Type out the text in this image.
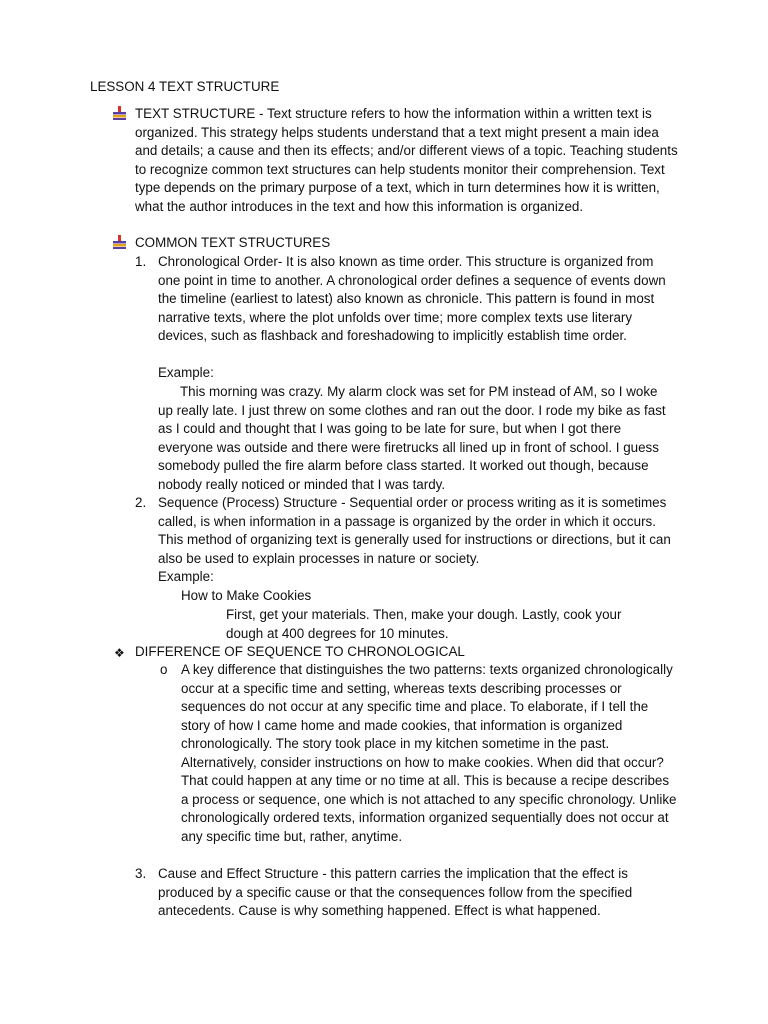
LESSON 4 TEXT STRUCTURE

TEXT STRUCTURE - Text structure refers to how the information within a written text is organized. This strategy helps students understand that a text might present a main idea and details; a cause and then its effects; and/or different views of a topic. Teaching students to recognize common text structures can help students monitor their comprehension. Text type depends on the primary purpose of a text, which in turn determines how it is written, what the author introduces in the text and how this information is organized.

COMMON TEXT STRUCTURES
1. Chronological Order- It is also known as time order. This structure is organized from one point in time to another. A chronological order defines a sequence of events down the timeline (earliest to latest) also known as chronicle. This pattern is found in most narrative texts, where the plot unfolds over time; more complex texts use literary devices, such as flashback and foreshadowing to implicitly establish time order.
Example:
This morning was crazy. My alarm clock was set for PM instead of AM, so I woke up really late. I just threw on some clothes and ran out the door. I rode my bike as fast as I could and thought that I was going to be late for sure, but when I got there everyone was outside and there were firetrucks all lined up in front of school. I guess somebody pulled the fire alarm before class started. It worked out though, because nobody really noticed or minded that I was tardy.
2. Sequence (Process) Structure - Sequential order or process writing as it is sometimes called, is when information in a passage is organized by the order in which it occurs. This method of organizing text is generally used for instructions or directions, but it can also be used to explain processes in nature or society.
Example:
How to Make Cookies
First, get your materials. Then, make your dough. Lastly, cook your dough at 400 degrees for 10 minutes.
❖ DIFFERENCE OF SEQUENCE TO CHRONOLOGICAL
o A key difference that distinguishes the two patterns: texts organized chronologically occur at a specific time and setting, whereas texts describing processes or sequences do not occur at any specific time and place. To elaborate, if I tell the story of how I came home and made cookies, that information is organized chronologically. The story took place in my kitchen sometime in the past. Alternatively, consider instructions on how to make cookies. When did that occur? That could happen at any time or no time at all. This is because a recipe describes a process or sequence, one which is not attached to any specific chronology. Unlike chronologically ordered texts, information organized sequentially does not occur at any specific time but, rather, anytime.
3. Cause and Effect Structure - this pattern carries the implication that the effect is produced by a specific cause or that the consequences follow from the specified antecedents. Cause is why something happened. Effect is what happened.
